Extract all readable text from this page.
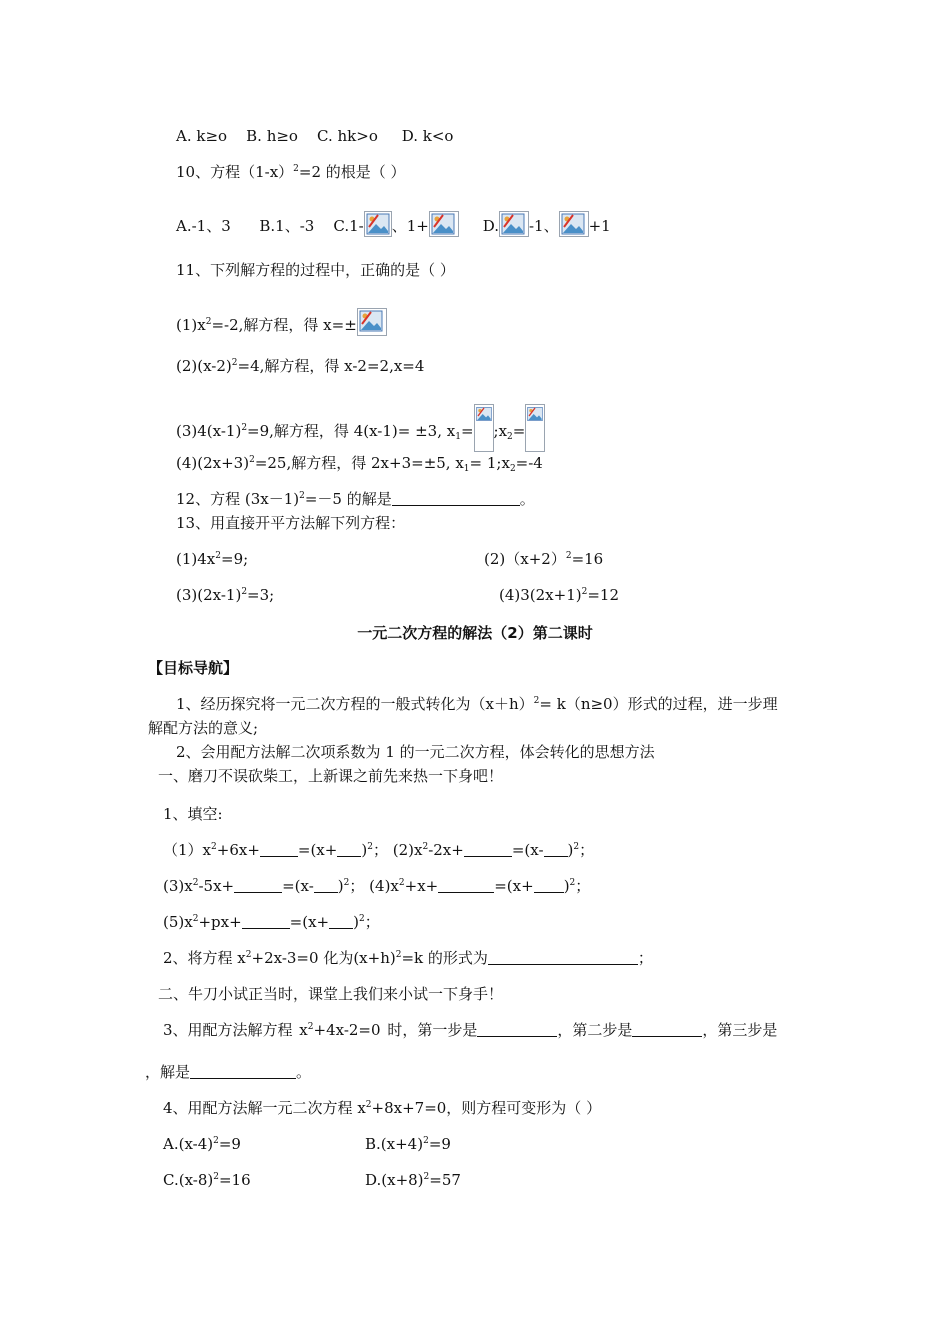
A. k≥o B. h≥o C. hk>o D. k<o
10、方程$(1-x)^2=2$ 的根是（ ）
A.-1、3 B.1、-3 C.1- 、1+	D. -1、 +1
11、下列解方程的过程中，正确的是（ ）
$(1)x^2=-2$,解方程，得 x=±
$(2)(x-2)^2=4$,解方程，得 x-2=2,x=4
$(3)4(x-1)^2=9$,解方程，得 4(x-1)= ±3, $x_1=$ $;x_2=$
$(4)(2x+3)^2=25$,解方程，得 2x+3=±5, $x_1=$ $1;x_2=-4$
12、方程 $(3x-1)^2=-5$ 的解是	。
13、用直接开平方法解下列方程：
$(1)4x^2=9$;	$(2)(x+2)^2=16$
$(3)(2x-1)^2=3$;	$(4)3(2x+1)^2=12$
一元二次方程的解法（2）第二课时
【目标导航】
1、经历探究将一元二次方程的一般式转化为$(x+h)^2= k(n\ge 0)$形式的过程，进一步理
解配方法的意义;
2、会用配方法解二次项系数为 1 的一元二次方程，体会转化的思想方法
一、磨刀不误砍柴工，上新课之前先来热一下身吧！
1、填空:
$(1)x^2+6x+$	$=(x+ )^2$； $(2)x^2-2x+$	=(x- )$^2$；
$(3)x^2-5x+$	=(x- )$^2$； $(4)x^2+x+$	$=(x+ )^2$；
$(5)x^2+px+$	$=(x+ )^2$；
2、将方程 $x^2+2x-3=0$ 化为$(x+h)^2=k$ 的形式为	；
二、牛刀小试正当时，课堂上我们来小试一下身手！
3、用配方法解方程 $x^2+4x-2=0$ 时，第一步是	，第二步是	，第三步是
，解是	。
4、用配方法解一元二次方程 $x^2+8x+7=0$，则方程可变形为（ ）
$A.(x-4)^2=9$	$B.(x+4)^2=9$
$C.(x-8)^2=16$	$D.(x+8)^2=57$
